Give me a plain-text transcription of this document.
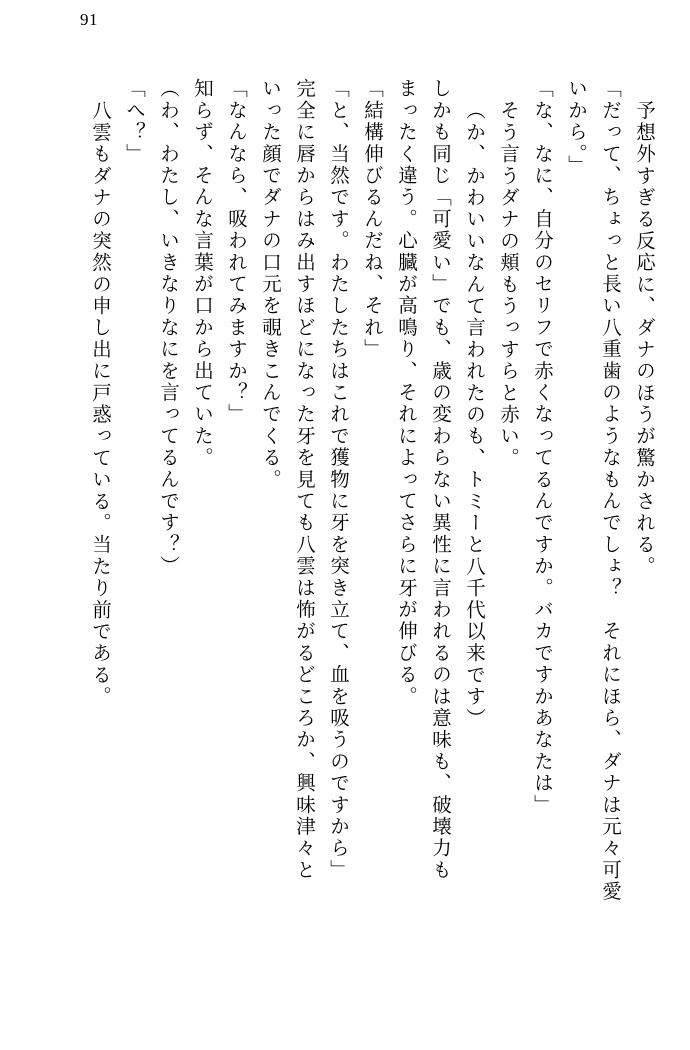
91
予想外すぎる反応に、ダナのほうが驚かされる。
「だって、ちょっと長い八重歯のようなもんでしょ？　それにほら、ダナは元々可愛
いから。」
「な、なに、自分のセリフで赤くなってるんですか。バカですかあなたは」
そう言うダナの頬もうっすらと赤い。
（か、かわいいなんて言われたのも、トミーと八千代以来です）
しかも同じ「可愛い」でも、歳の変わらない異性に言われるのは意味も、破壊力も
まったく違う。心臓が高鳴り、それによってさらに牙が伸びる。
「結構伸びるんだね、それ」
「と、当然です。わたしたちはこれで獲物に牙を突き立て、血を吸うのですから」
完全に唇からはみ出すほどになった牙を見ても八雲は怖がるどころか、興味津々と
いった顔でダナの口元を覗きこんでくる。
「なんなら、吸われてみますか？」
知らず、そんな言葉が口から出ていた。
（わ、わたし、いきなりなにを言ってるんです？）
「へ？」
八雲もダナの突然の申し出に戸惑っている。当たり前である。
